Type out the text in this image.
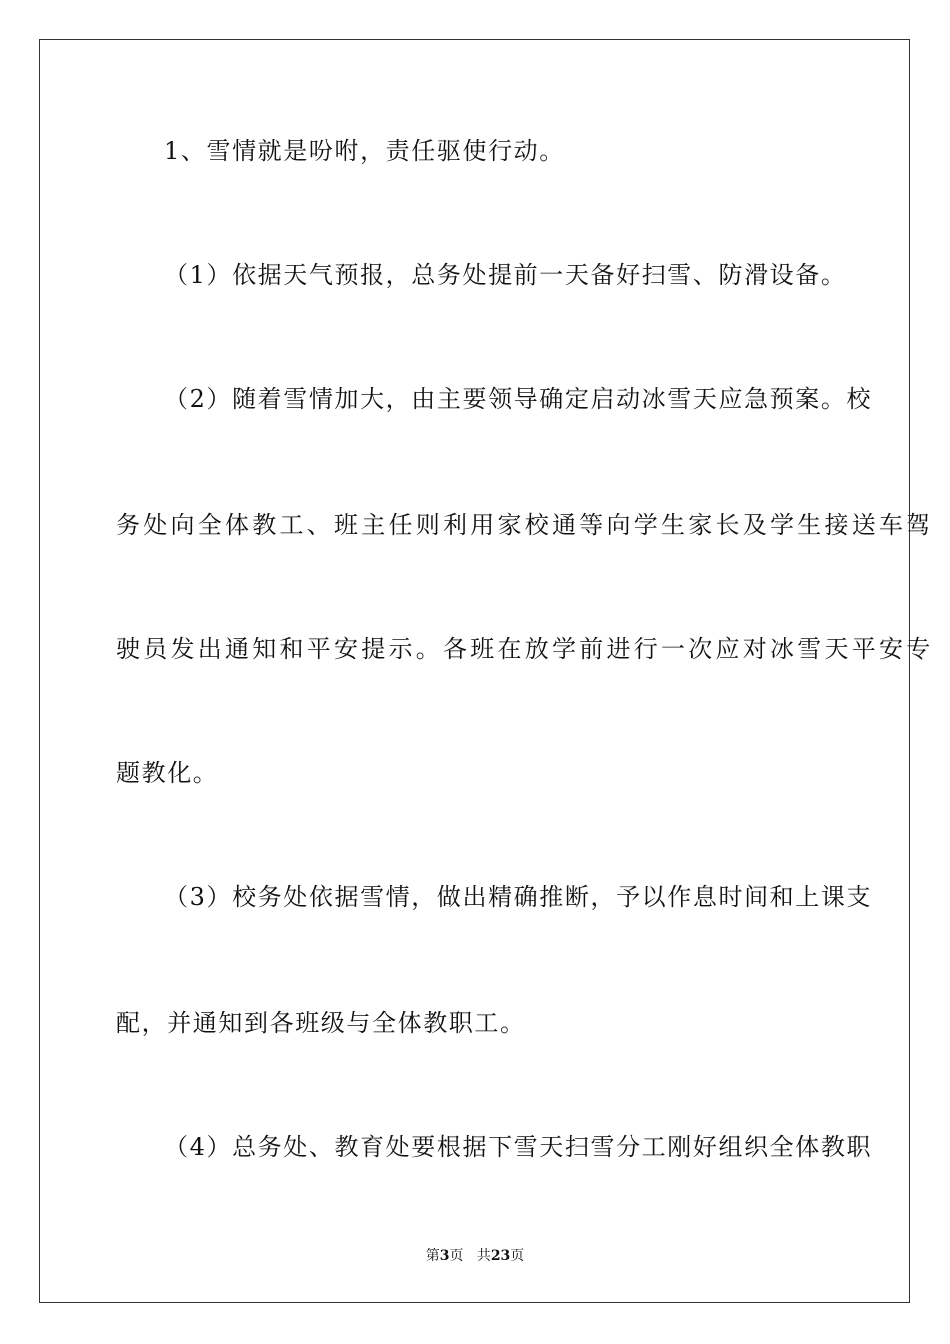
1、雪情就是吩咐，责任驱使行动。
（1）依据天气预报，总务处提前一天备好扫雪、防滑设备。
（2）随着雪情加大，由主要领导确定启动冰雪天应急预案。校
务处向全体教工、班主任则利用家校通等向学生家长及学生接送车驾
驶员发出通知和平安提示。各班在放学前进行一次应对冰雪天平安专
题教化。
（3）校务处依据雪情，做出精确推断，予以作息时间和上课支
配，并通知到各班级与全体教职工。
（4）总务处、教育处要根据下雪天扫雪分工刚好组织全体教职
第3页 共23页
